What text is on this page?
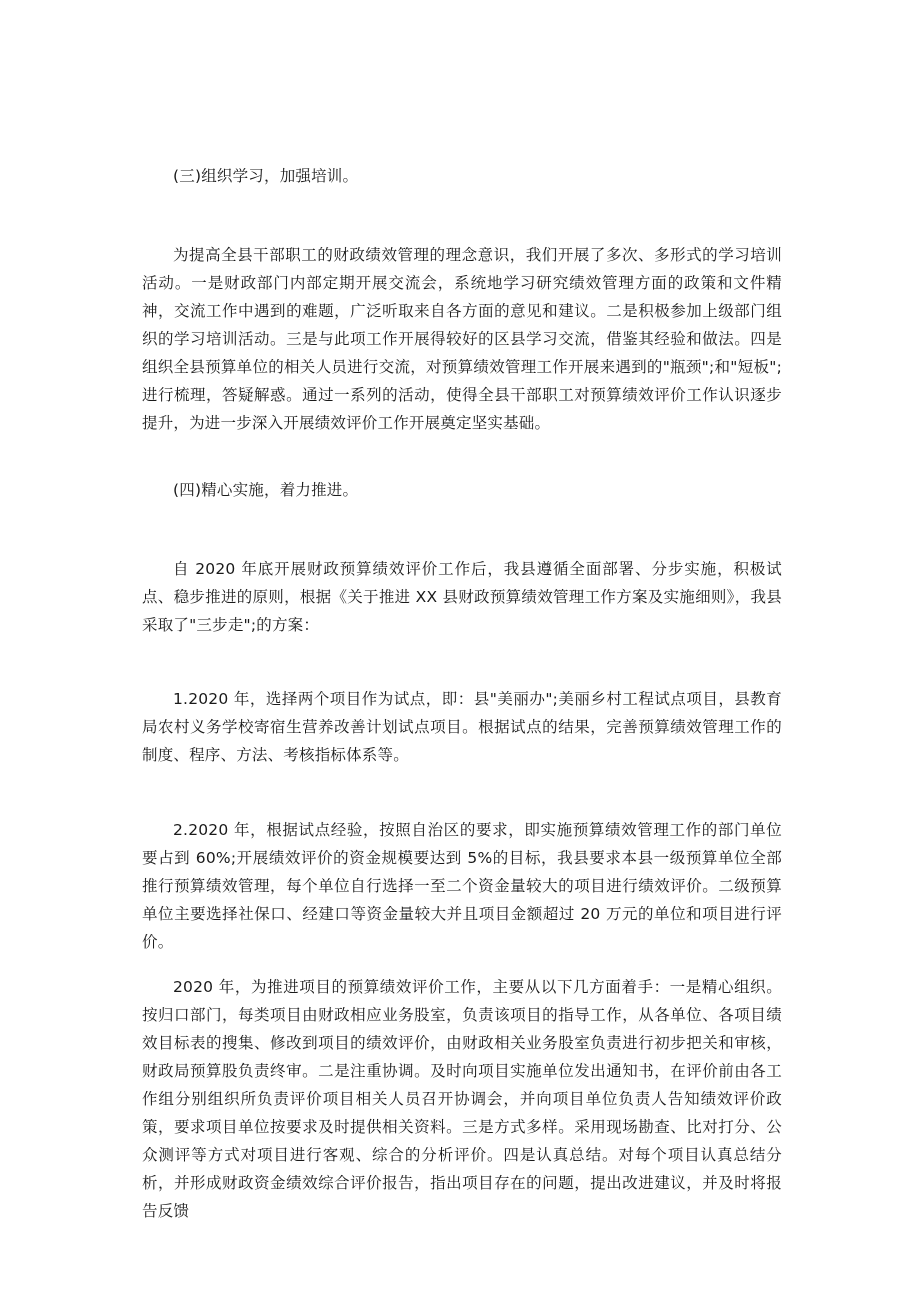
(三)组织学习，加强培训。

为提高全县干部职工的财政绩效管理的理念意识，我们开展了多次、多形式的学习培训活动。一是财政部门内部定期开展交流会，系统地学习研究绩效管理方面的政策和文件精神，交流工作中遇到的难题，广泛听取来自各方面的意见和建议。二是积极参加上级部门组织的学习培训活动。三是与此项工作开展得较好的区县学习交流，借鉴其经验和做法。四是组织全县预算单位的相关人员进行交流，对预算绩效管理工作开展来遇到的"瓶颈";和"短板";进行梳理，答疑解惑。通过一系列的活动，使得全县干部职工对预算绩效评价工作认识逐步提升，为进一步深入开展绩效评价工作开展奠定坚实基础。

(四)精心实施，着力推进。

自 2020 年底开展财政预算绩效评价工作后，我县遵循全面部署、分步实施，积极试点、稳步推进的原则，根据《关于推进 XX 县财政预算绩效管理工作方案及实施细则》，我县采取了"三步走";的方案：

1.2020 年，选择两个项目作为试点，即：县"美丽办";美丽乡村工程试点项目，县教育局农村义务学校寄宿生营养改善计划试点项目。根据试点的结果，完善预算绩效管理工作的制度、程序、方法、考核指标体系等。

2.2020 年，根据试点经验，按照自治区的要求，即实施预算绩效管理工作的部门单位要占到 60%;开展绩效评价的资金规模要达到 5%的目标，我县要求本县一级预算单位全部推行预算绩效管理，每个单位自行选择一至二个资金量较大的项目进行绩效评价。二级预算单位主要选择社保口、经建口等资金量较大并且项目金额超过 20 万元的单位和项目进行评价。

2020 年，为推进项目的预算绩效评价工作，主要从以下几方面着手：一是精心组织。按归口部门，每类项目由财政相应业务股室，负责该项目的指导工作，从各单位、各项目绩效目标表的搜集、修改到项目的绩效评价，由财政相关业务股室负责进行初步把关和审核，财政局预算股负责终审。二是注重协调。及时向项目实施单位发出通知书，在评价前由各工作组分别组织所负责评价项目相关人员召开协调会，并向项目单位负责人告知绩效评价政策，要求项目单位按要求及时提供相关资料。三是方式多样。采用现场勘查、比对打分、公众测评等方式对项目进行客观、综合的分析评价。四是认真总结。对每个项目认真总结分析，并形成财政资金绩效综合评价报告，指出项目存在的问题，提出改进建议，并及时将报告反馈
